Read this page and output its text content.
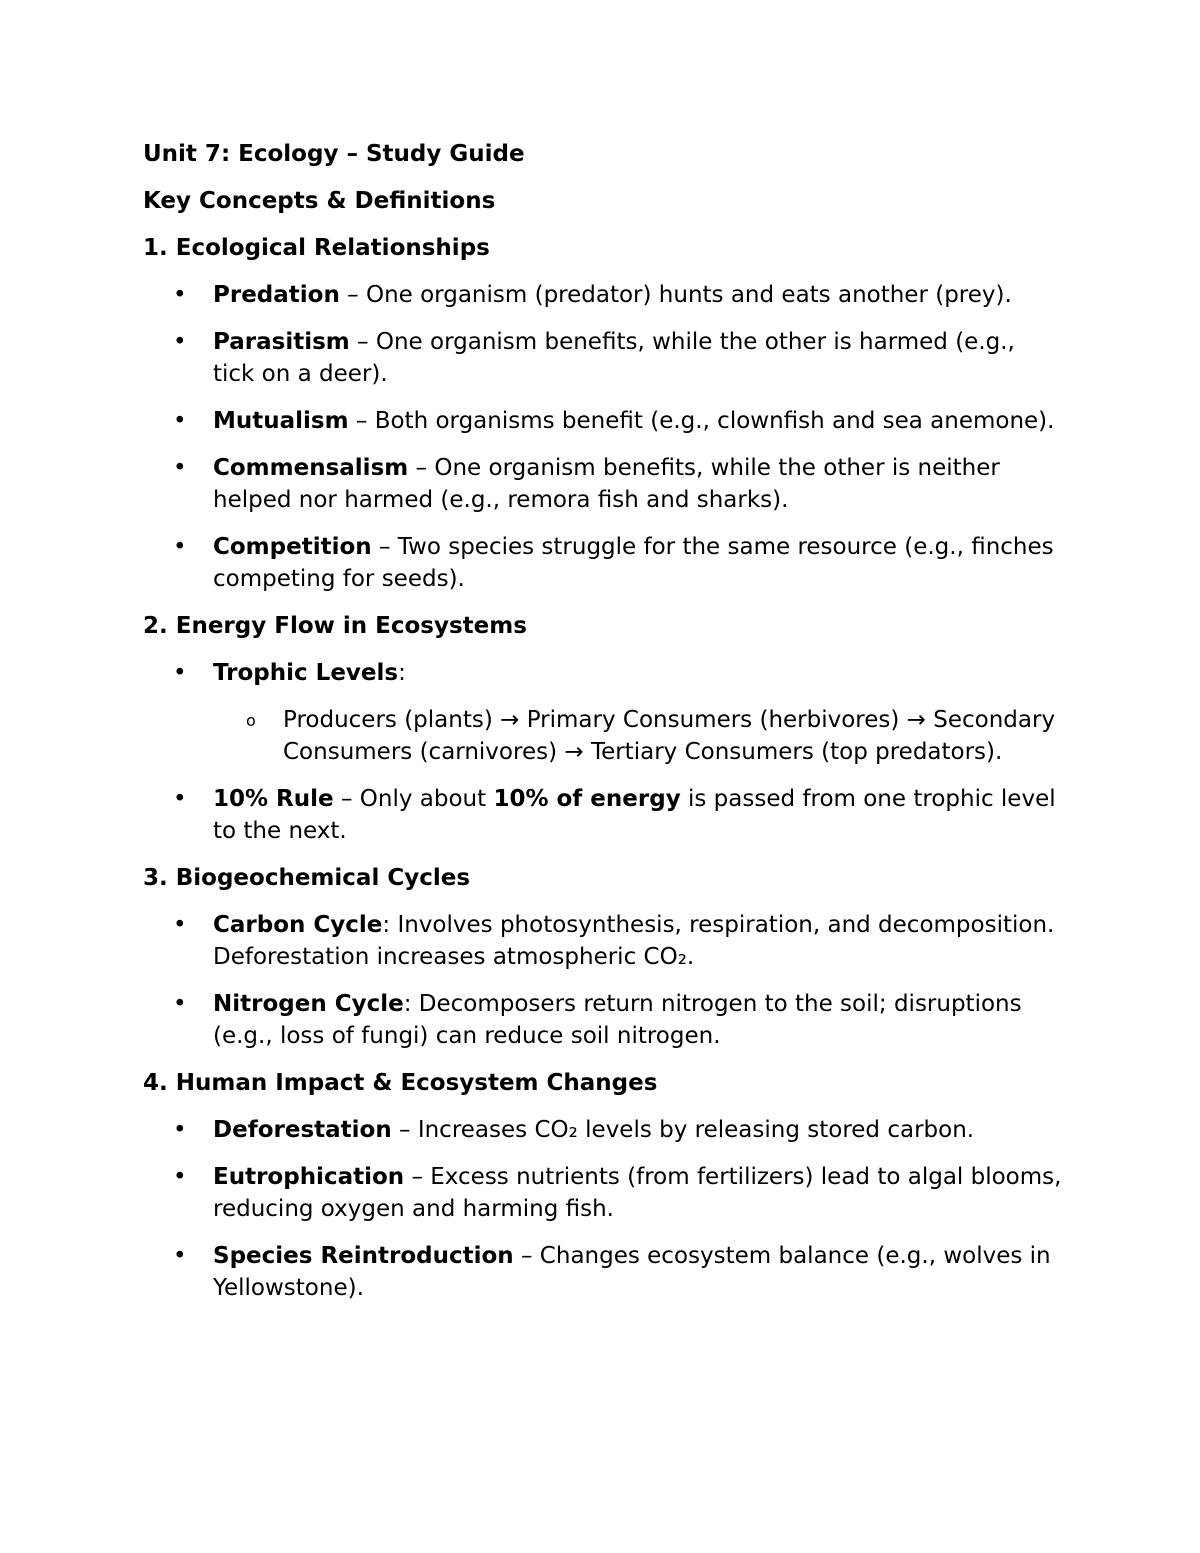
Unit 7: Ecology – Study Guide

Key Concepts & Definitions

1. Ecological Relationships

• Predation – One organism (predator) hunts and eats another (prey).
• Parasitism – One organism benefits, while the other is harmed (e.g., tick on a deer).
• Mutualism – Both organisms benefit (e.g., clownfish and sea anemone).
• Commensalism – One organism benefits, while the other is neither helped nor harmed (e.g., remora fish and sharks).
• Competition – Two species struggle for the same resource (e.g., finches competing for seeds).

2. Energy Flow in Ecosystems

• Trophic Levels:
o Producers (plants) → Primary Consumers (herbivores) → Secondary Consumers (carnivores) → Tertiary Consumers (top predators).
• 10% Rule – Only about 10% of energy is passed from one trophic level to the next.

3. Biogeochemical Cycles

• Carbon Cycle: Involves photosynthesis, respiration, and decomposition. Deforestation increases atmospheric CO₂.
• Nitrogen Cycle: Decomposers return nitrogen to the soil; disruptions (e.g., loss of fungi) can reduce soil nitrogen.

4. Human Impact & Ecosystem Changes

• Deforestation – Increases CO₂ levels by releasing stored carbon.
• Eutrophication – Excess nutrients (from fertilizers) lead to algal blooms, reducing oxygen and harming fish.
• Species Reintroduction – Changes ecosystem balance (e.g., wolves in Yellowstone).
